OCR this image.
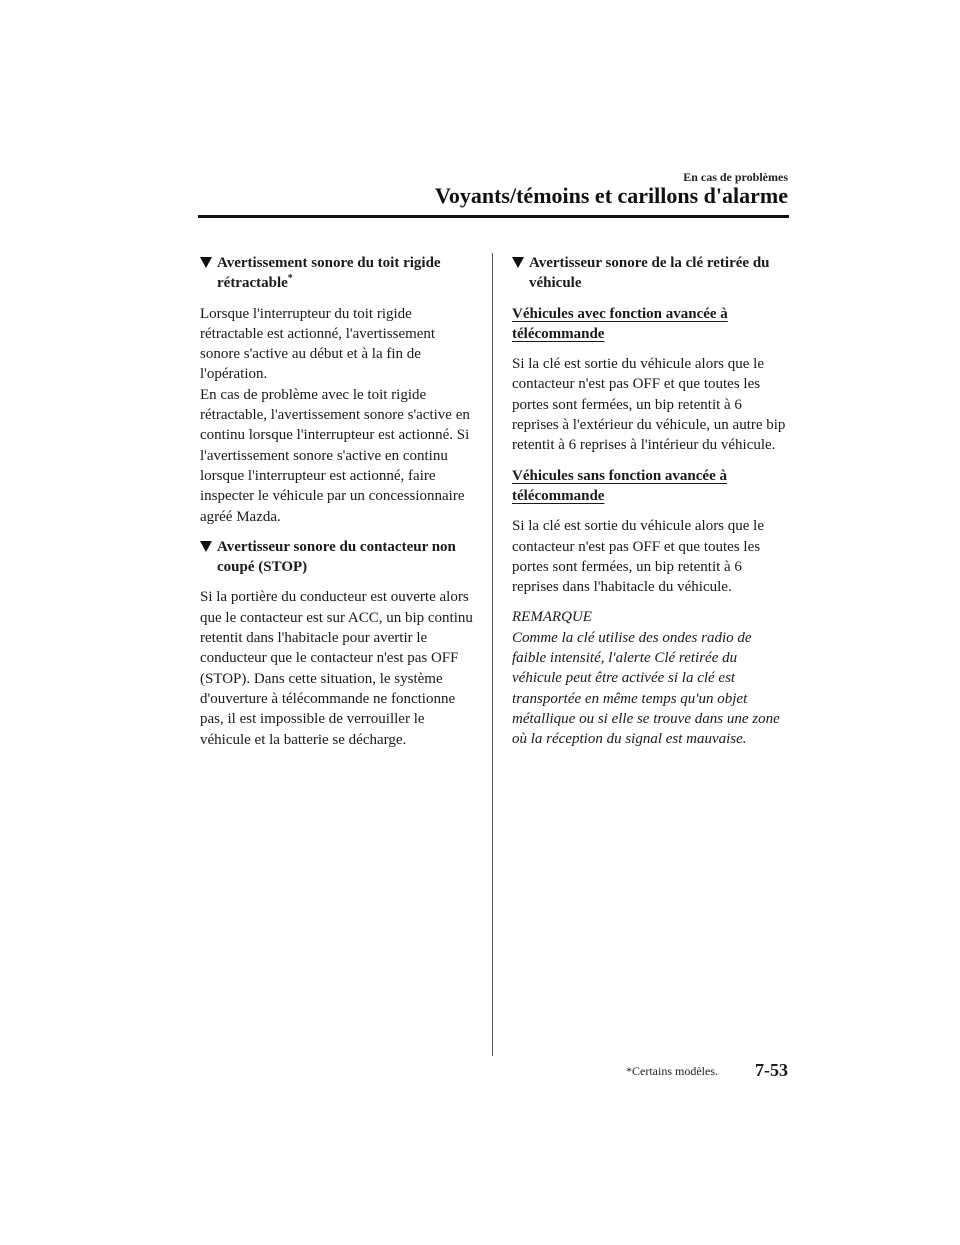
En cas de problèmes
Voyants/témoins et carillons d'alarme
Avertissement sonore du toit rigide rétractable*

Lorsque l'interrupteur du toit rigide rétractable est actionné, l'avertissement sonore s'active au début et à la fin de l'opération.

En cas de problème avec le toit rigide rétractable, l'avertissement sonore s'active en continu lorsque l'interrupteur est actionné. Si l'avertissement sonore s'active en continu lorsque l'interrupteur est actionné, faire inspecter le véhicule par un concessionnaire agréé Mazda.

Avertisseur sonore du contacteur non coupé (STOP)

Si la portière du conducteur est ouverte alors que le contacteur est sur ACC, un bip continu retentit dans l'habitacle pour avertir le conducteur que le contacteur n'est pas OFF (STOP). Dans cette situation, le système d'ouverture à télécommande ne fonctionne pas, il est impossible de verrouiller le véhicule et la batterie se décharge.

Avertisseur sonore de la clé retirée du véhicule
Véhicules avec fonction avancée à télécommande

Si la clé est sortie du véhicule alors que le contacteur n'est pas OFF et que toutes les portes sont fermées, un bip retentit à 6 reprises à l'extérieur du véhicule, un autre bip retentit à 6 reprises à l'intérieur du véhicule.

Véhicules sans fonction avancée à télécommande

Si la clé est sortie du véhicule alors que le contacteur n'est pas OFF et que toutes les portes sont fermées, un bip retentit à 6 reprises dans l'habitacle du véhicule.

REMARQUE

Comme la clé utilise des ondes radio de faible intensité, l'alerte Clé retirée du véhicule peut être activée si la clé est transportée en même temps qu'un objet métallique ou si elle se trouve dans une zone où la réception du signal est mauvaise.

*Certains modèles. 7-53
